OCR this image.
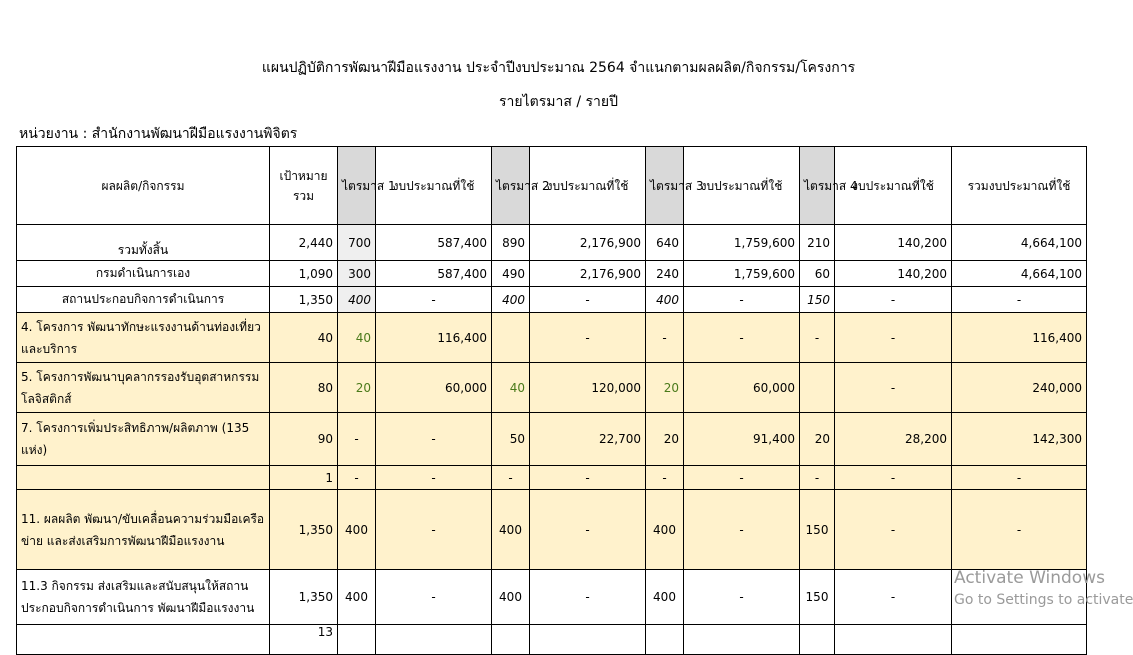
แผนปฏิบัติการพัฒนาฝีมือแรงงาน ประจำปีงบประมาณ 2564 จำแนกตามผลผลิต/กิจกรรม/โครงการ
รายไตรมาส / รายปี
หน่วยงาน : สำนักงานพัฒนาฝีมือแรงงานพิจิตร
ผลผลิต/กิจกรรม	เป้าหมายรวม	ไตรมาส 1	งบประมาณที่ใช้	ไตรมาส 2	งบประมาณที่ใช้	ไตรมาส 3	งบประมาณที่ใช้	ไตรมาส 4	งบประมาณที่ใช้	รวมงบประมาณที่ใช้
รวมทั้งสิ้น	2,440	700	587,400	890	2,176,900	640	1,759,600	210	140,200	4,664,100
กรมดำเนินการเอง	1,090	300	587,400	490	2,176,900	240	1,759,600	60	140,200	4,664,100
สถานประกอบกิจการดำเนินการ	1,350	400	-	400	-	400	-	150	-	-
4. โครงการ พัฒนาทักษะแรงงานด้านท่องเที่ยวและบริการ	40	40	116,400		-	-	-	-	-	116,400
5. โครงการพัฒนาบุคลากรรองรับอุตสาหกรรมโลจิสติกส์	80	20	60,000	40	120,000	20	60,000		-	240,000
7. โครงการเพิ่มประสิทธิภาพ/ผลิตภาพ (135 แห่ง)	90	-	-	50	22,700	20	91,400	20	28,200	142,300
	1	-	-	-	-	-	-	-	-	-
11. ผลผลิต พัฒนา/ขับเคลื่อนความร่วมมือเครือข่าย และส่งเสริมการพัฒนาฝีมือแรงงาน	1,350	400	-	400	-	400	-	150	-	-
11.3 กิจกรรม ส่งเสริมและสนับสนุนให้สถานประกอบกิจการดำเนินการ พัฒนาฝีมือแรงงาน	1,350	400	-	400	-	400	-	150	-	
	13									
Activate Windows
Go to Settings to activate
